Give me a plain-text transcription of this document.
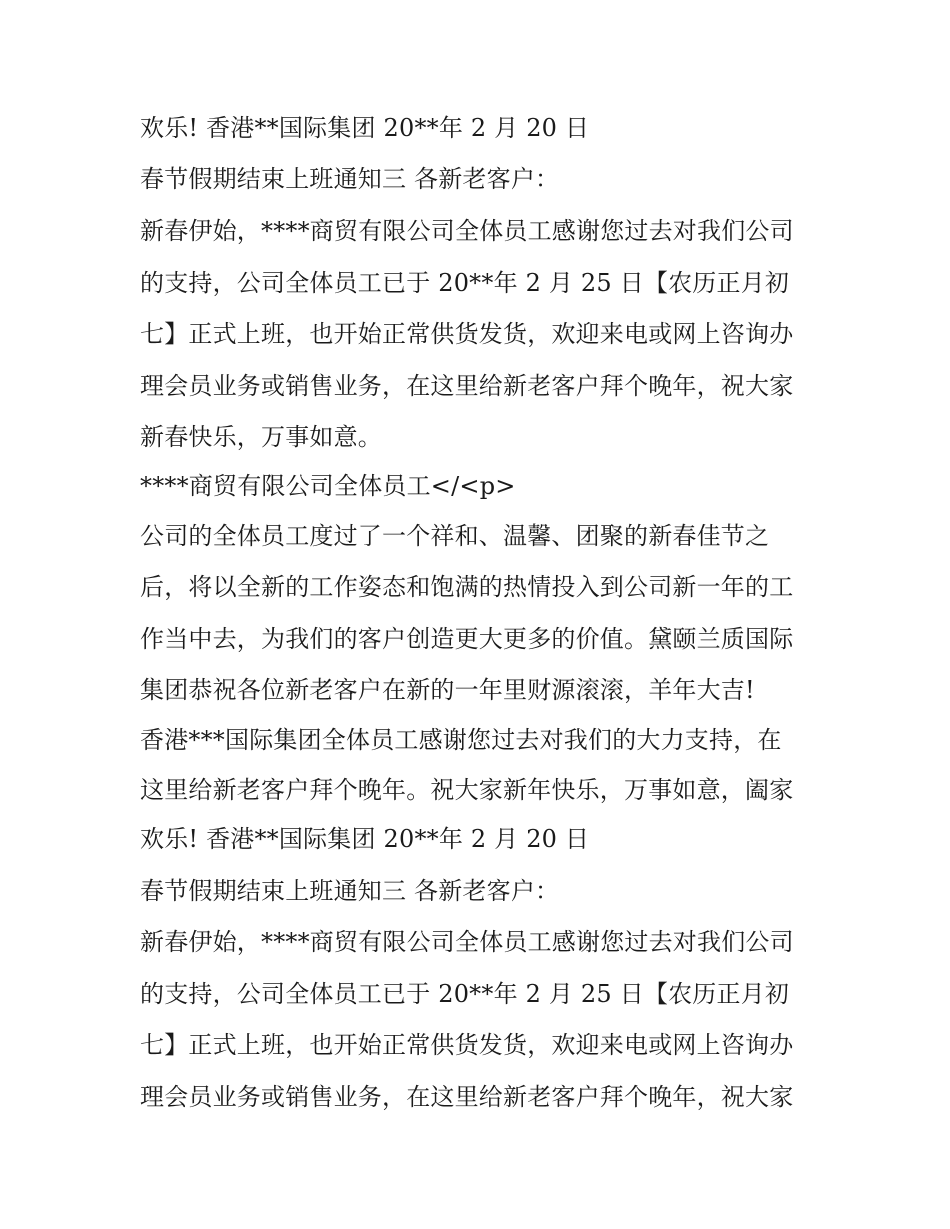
欢乐! 香港**国际集团 20**年 2 月 20 日
春节假期结束上班通知三 各新老客户：
新春伊始，****商贸有限公司全体员工感谢您过去对我们公司
的支持，公司全体员工已于 20**年 2 月 25 日【农历正月初
七】正式上班，也开始正常供货发货，欢迎来电或网上咨询办
理会员业务或销售业务，在这里给新老客户拜个晚年，祝大家
新春快乐，万事如意。
****商贸有限公司全体员工</<p>
公司的全体员工度过了一个祥和、温馨、团聚的新春佳节之
后，将以全新的工作姿态和饱满的热情投入到公司新一年的工
作当中去，为我们的客户创造更大更多的价值。黛颐兰质国际
集团恭祝各位新老客户在新的一年里财源滚滚，羊年大吉!
香港***国际集团全体员工感谢您过去对我们的大力支持，在
这里给新老客户拜个晚年。祝大家新年快乐，万事如意，阖家
欢乐! 香港**国际集团 20**年 2 月 20 日
春节假期结束上班通知三 各新老客户：
新春伊始，****商贸有限公司全体员工感谢您过去对我们公司
的支持，公司全体员工已于 20**年 2 月 25 日【农历正月初
七】正式上班，也开始正常供货发货，欢迎来电或网上咨询办
理会员业务或销售业务，在这里给新老客户拜个晚年，祝大家
